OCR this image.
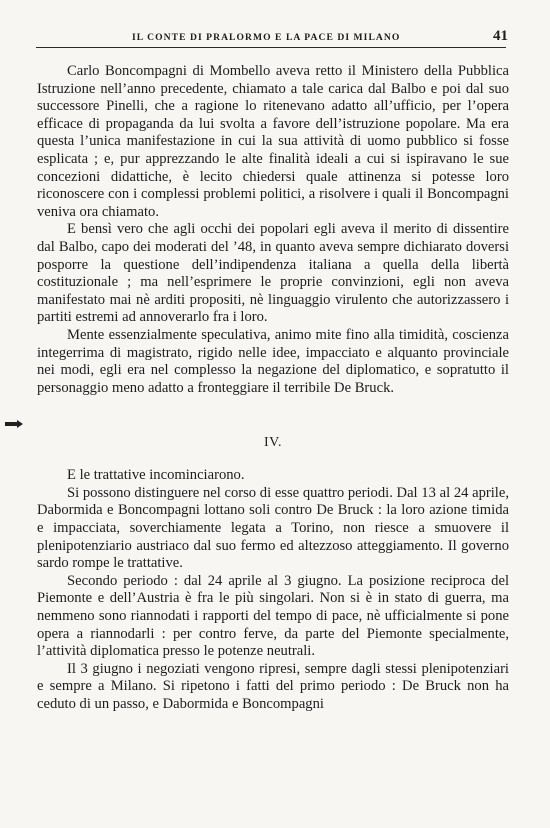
IL CONTE DI PRALORMO E LA PACE DI MILANO	41

Carlo Boncompagni di Mombello aveva retto il Ministero della Pubblica Istruzione nell’anno precedente, chiamato a tale carica dal Balbo e poi dal suo successore Pinelli, che a ragione lo ritenevano adatto all’ufficio, per l’opera efficace di propaganda da lui svolta a favore dell’istruzione popolare. Ma era questa l’unica manifestazione in cui la sua attività di uomo pubblico si fosse esplicata ; e, pur apprezzando le alte finalità ideali a cui si ispiravano le sue concezioni didattiche, è lecito chiedersi quale attinenza si potesse loro riconoscere con i complessi problemi politici, a risolvere i quali il Boncompagni veniva ora chiamato.

E bensì vero che agli occhi dei popolari egli aveva il merito di dissentire dal Balbo, capo dei moderati del ’48, in quanto aveva sempre dichiarato doversi posporre la questione dell’indipendenza italiana a quella della libertà costituzionale ; ma nell’esprimere le proprie convinzioni, egli non aveva manifestato mai nè arditi propositi, nè linguaggio virulento che autorizzassero i partiti estremi ad annoverarlo fra i loro.

Mente essenzialmente speculativa, animo mite fino alla timidità, coscienza integerrima di magistrato, rigido nelle idee, impacciato e alquanto provinciale nei modi, egli era nel complesso la negazione del diplomatico, e sopratutto il personaggio meno adatto a fronteggiare il terribile De Bruck.

IV.

E le trattative incominciarono.

Si possono distinguere nel corso di esse quattro periodi. Dal 13 al 24 aprile, Dabormida e Boncompagni lottano soli contro De Bruck : la loro azione timida e impacciata, soverchiamente legata a Torino, non riesce a smuovere il plenipotenziario austriaco dal suo fermo ed altezzoso atteggiamento. Il governo sardo rompe le trattative.

Secondo periodo : dal 24 aprile al 3 giugno. La posizione reciproca del Piemonte e dell’Austria è fra le più singolari. Non si è in stato di guerra, ma nemmeno sono riannodati i rapporti del tempo di pace, nè ufficialmente si pone opera a riannodarli : per contro ferve, da parte del Piemonte specialmente, l’attività diplomatica presso le potenze neutrali.

Il 3 giugno i negoziati vengono ripresi, sempre dagli stessi plenipotenziari e sempre a Milano. Si ripetono i fatti del primo periodo : De Bruck non ha ceduto di un passo, e Dabormida e Boncompagni
